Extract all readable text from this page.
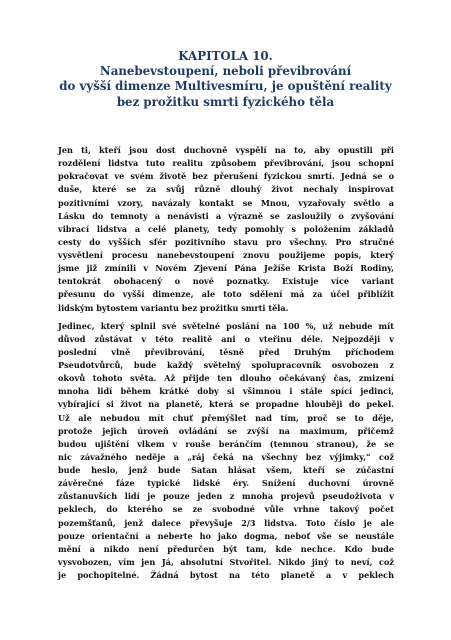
KAPITOLA 10.
Nanebevstoupení, neboli převibrování
do vyšší dimenze Multivesmíru, je opuštění reality
bez prožitku smrti fyzického těla
Jen ti, kteří jsou dost duchovně vyspělí na to, aby opustili při
rozdělení lidstva tuto realitu způsobem převibrování, jsou schopni
pokračovat ve svém životě bez přerušení fyzickou smrtí. Jedná se o
duše, které se za svůj různě dlouhý život nechaly inspirovat
pozitivními vzory, navázaly kontakt se Mnou, vyzařovaly světlo a
Lásku do temnoty a nenávisti a výrazně se zasloužily o zvyšování
vibrací lidstva a celé planety, tedy pomohly s položením základů
cesty do vyšších sfér pozitivního stavu pro všechny. Pro stručné
vysvětlení procesu nanebevstoupení znovu použijeme popis, který
jsme již zmínili v Novém Zjevení Pána Ježíše Krista Boží Rodiny,
tentokrát obohacený o nové poznatky. Existuje více variant
přesunu do vyšší dimenze, ale toto sdělení má za účel přiblížit
lidským bytostem variantu bez prožitku smrti těla.
Jedinec, který splnil své světelné poslání na 100 %, už nebude mít
důvod zůstávat v této realitě ani o vteřinu déle. Nejpozději v
poslední vlně převibrování, těsně před Druhým příchodem
Pseudotvůrců, bude každý světelný spolupracovník osvobozen z
okovů tohoto světa. Až přijde ten dlouho očekávaný čas, zmizení
mnoha lidí během krátké doby si všimnou i stále spící jedinci,
vybírající si život na planetě, která se propadne hlouběji do pekel.
Už ale nebudou mít chuť přemýšlet nad tím, proč se to děje,
protože jejich úroveň ovládání se zvýší na maximum, přičemž
budou ujištění vlkem v rouše beránčím (temnou stranou), že se
nic závažného neděje a „ráj čeká na všechny bez výjimky,“ což
bude heslo, jenž bude Satan hlásat všem, kteří se zúčastní
závěrečné fáze typické lidské éry. Snížení duchovní úrovně
zůstanuvších lidí je pouze jeden z mnoha projevů pseudoživota v
peklech, do kterého se ze svobodné vůle vrhne takový počet
pozemšťanů, jenž dalece převyšuje 2/3 lidstva. Toto číslo je ale
pouze orientační a neberte ho jako dogma, neboť vše se neustále
mění a nikdo není předurčen být tam, kde nechce. Kdo bude
vysvobozen, vím jen Já, absolutní Stvořitel. Nikdo jiný to neví, což
je pochopitelné. Žádná bytost na této planetě a v peklech
